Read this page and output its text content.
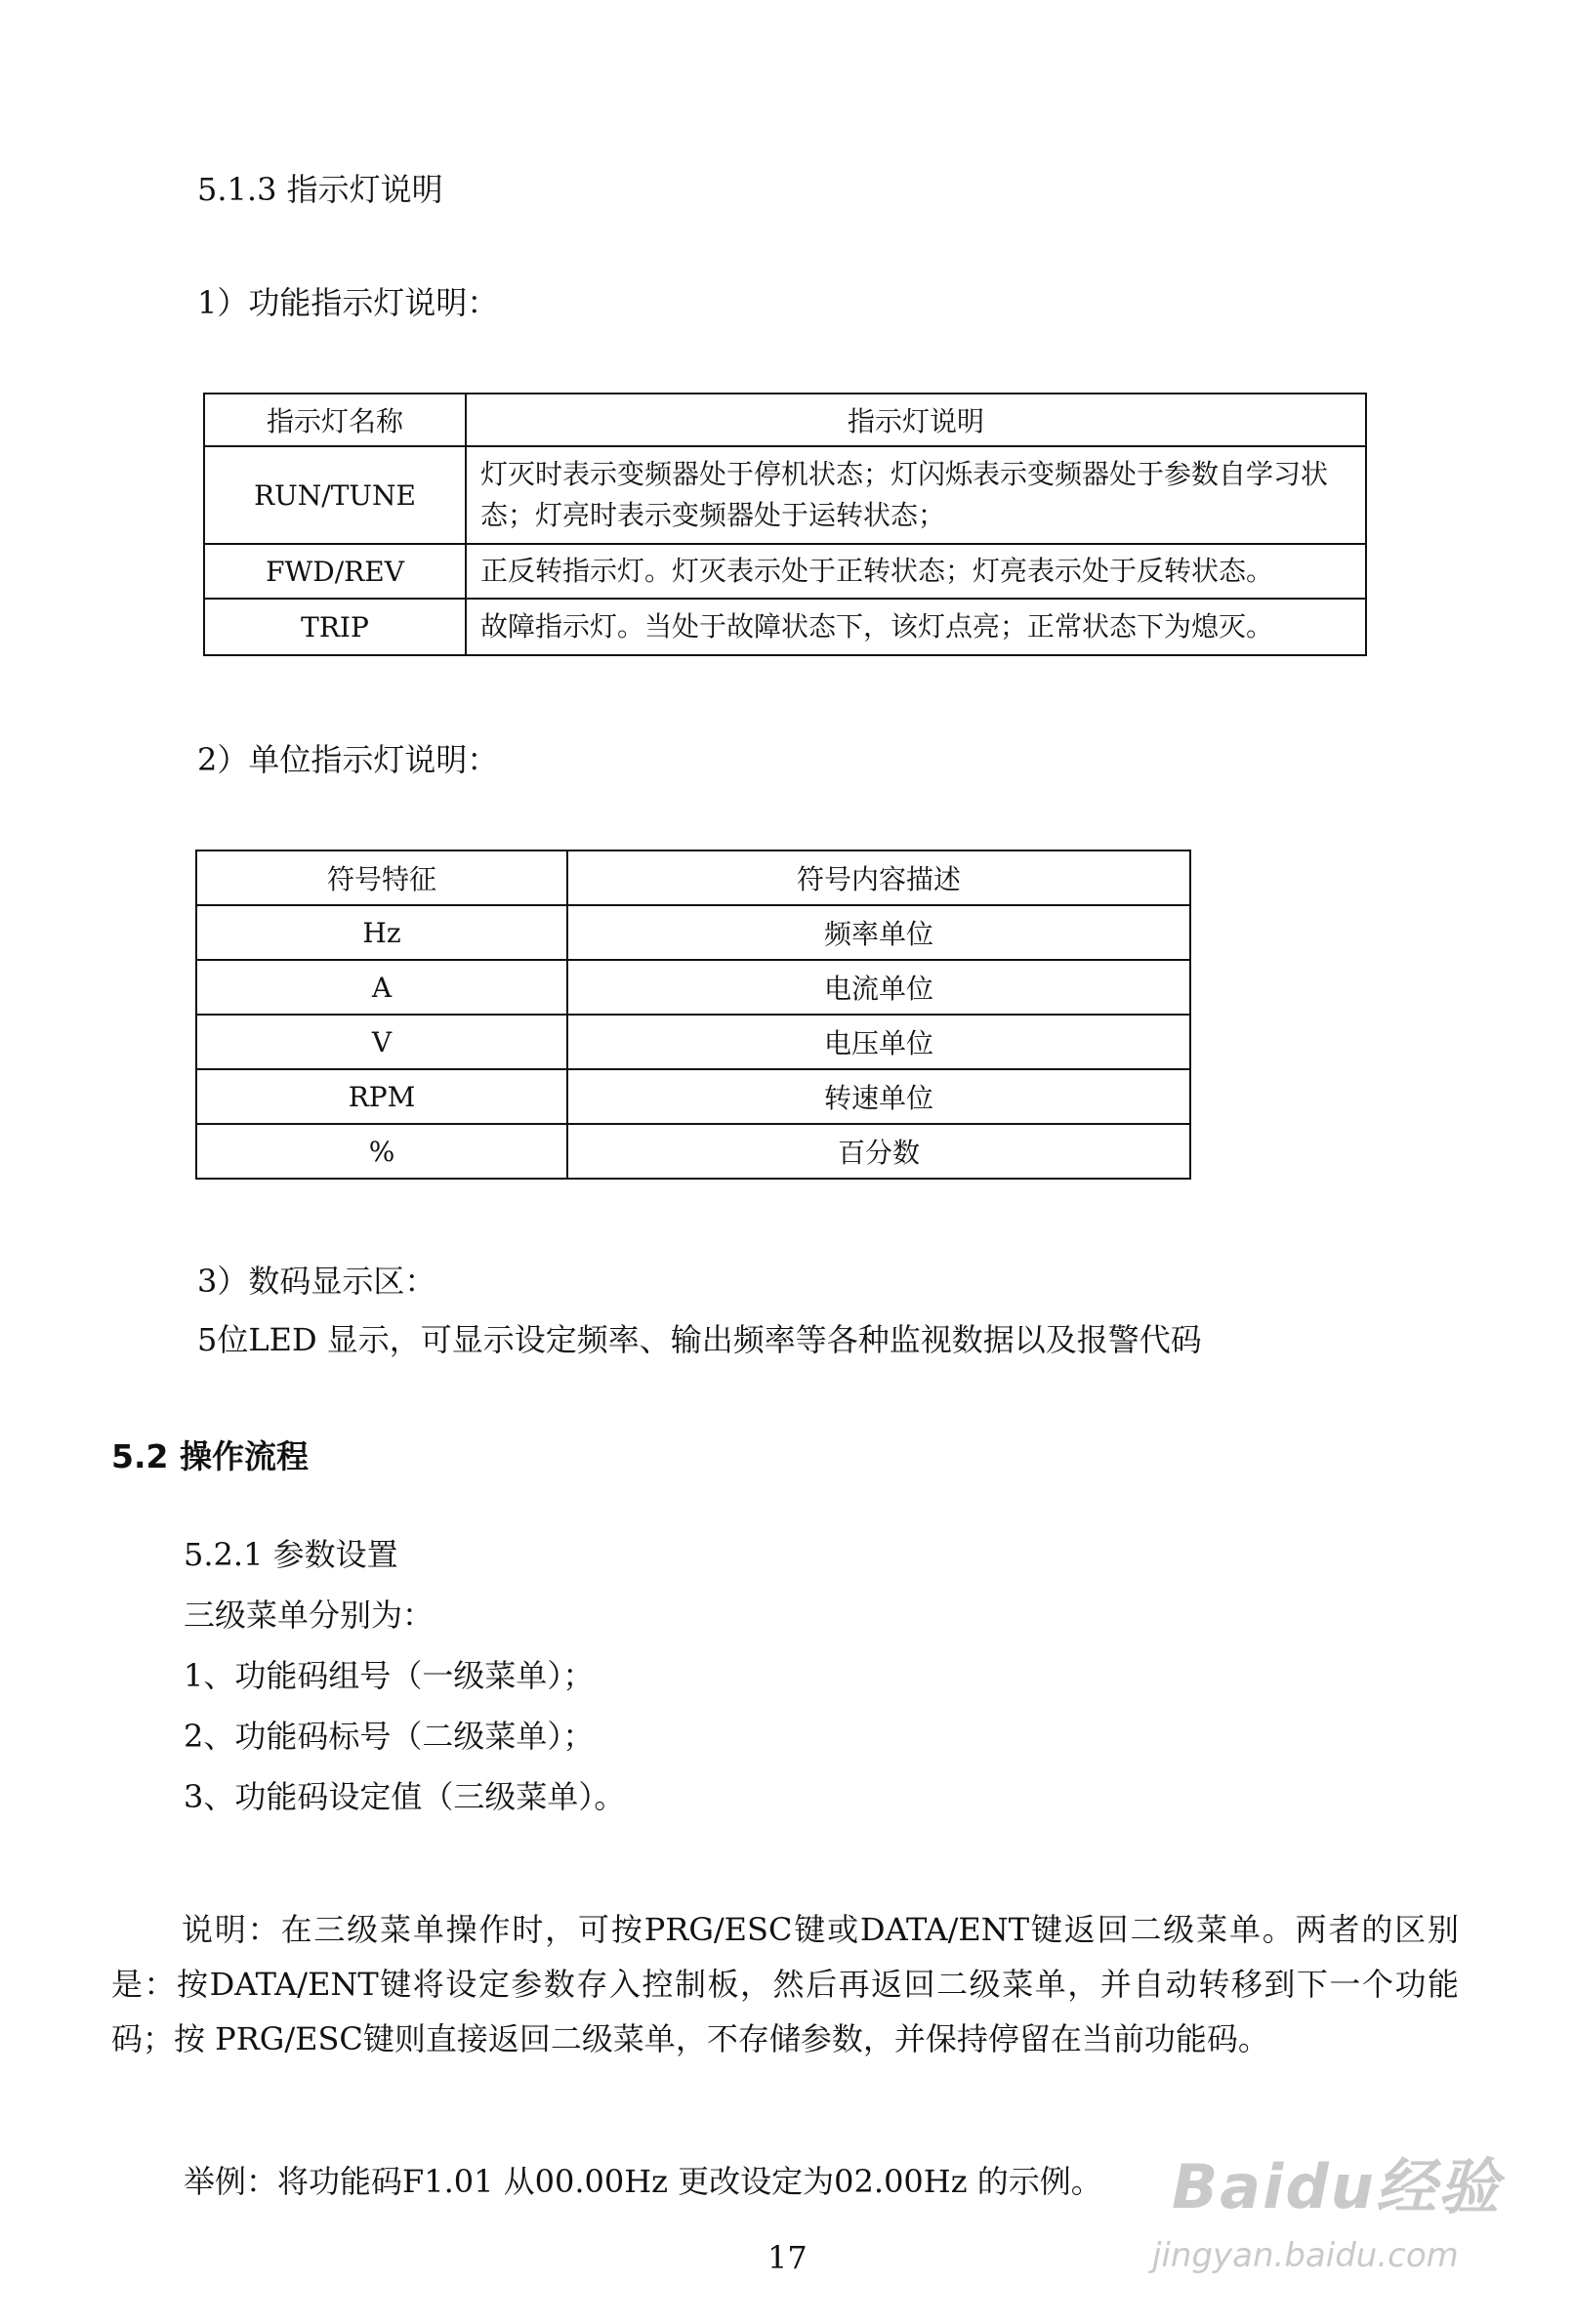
5.1.3 指示灯说明
1）功能指示灯说明：
指示灯名称	指示灯说明
RUN/TUNE	灯灭时表示变频器处于停机状态；灯闪烁表示变频器处于参数自学习状态；灯亮时表示变频器处于运转状态；
FWD/REV	正反转指示灯。灯灭表示处于正转状态；灯亮表示处于反转状态。
TRIP	故障指示灯。当处于故障状态下，该灯点亮；正常状态下为熄灭。
2）单位指示灯说明：
符号特征	符号内容描述
Hz	频率单位
A	电流单位
V	电压单位
RPM	转速单位
%	百分数
3）数码显示区：
5位LED 显示，可显示设定频率、输出频率等各种监视数据以及报警代码
5.2 操作流程
5.2.1 参数设置
三级菜单分别为：
1、功能码组号（一级菜单）；
2、功能码标号（二级菜单）；
3、功能码设定值（三级菜单）。
说明：在三级菜单操作时，可按PRG/ESC键或DATA/ENT键返回二级菜单。两者的区别是：按DATA/ENT键将设定参数存入控制板，然后再返回二级菜单，并自动转移到下一个功能码；按 PRG/ESC键则直接返回二级菜单，不存储参数，并保持停留在当前功能码。
举例：将功能码F1.01 从00.00Hz 更改设定为02.00Hz 的示例。
17
Baidu经验
jingyan.baidu.com
